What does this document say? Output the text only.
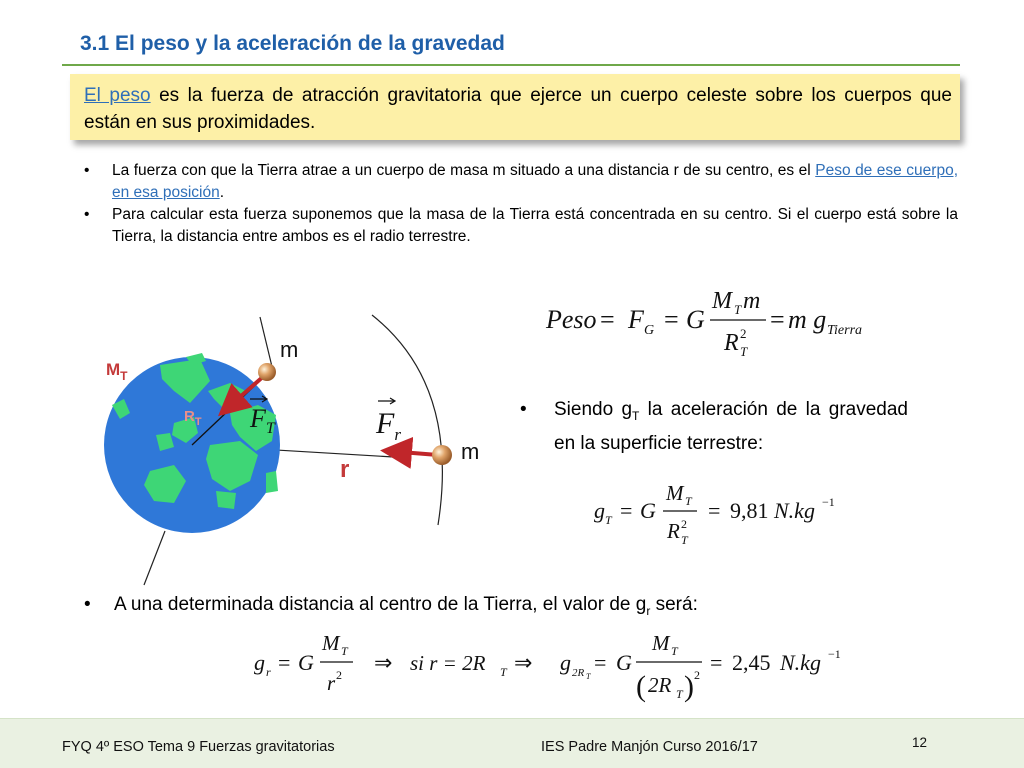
3.1 El peso y la aceleración de la gravedad
El peso es la fuerza de atracción gravitatoria que ejerce un cuerpo celeste sobre los cuerpos que están en sus proximidades.
• La fuerza con que la Tierra atrae a un cuerpo de masa m situado a una distancia r de su centro, es el Peso de ese cuerpo, en esa posición.
• Para calcular esta fuerza suponemos que la masa de la Tierra está concentrada en su centro. Si el cuerpo está sobre la Tierra, la distancia entre ambos es el radio terrestre.
m
m
$M_T$
$R_T$ $F_T$	$F_r$
r
Peso = F G = G
M T m
R 2
T
= m g Tierra
• Siendo $g_T$ la aceleración de la gravedad en la superficie terrestre:
g T = G
M T
R 2
T
= 9,81 N.kg −1
• A una determinada distancia al centro de la Tierra, el valor de $g_r$ será:
g r = G
M T
r 2 ⇒ si r = 2R T ⇒ g 2R T
= G
M T
( 2R T ) 2 = 2,45 N.kg −1
FYQ 4º ESO Tema 9 Fuerzas gravitatorias	IES Padre Manjón Curso 2016/17	12
